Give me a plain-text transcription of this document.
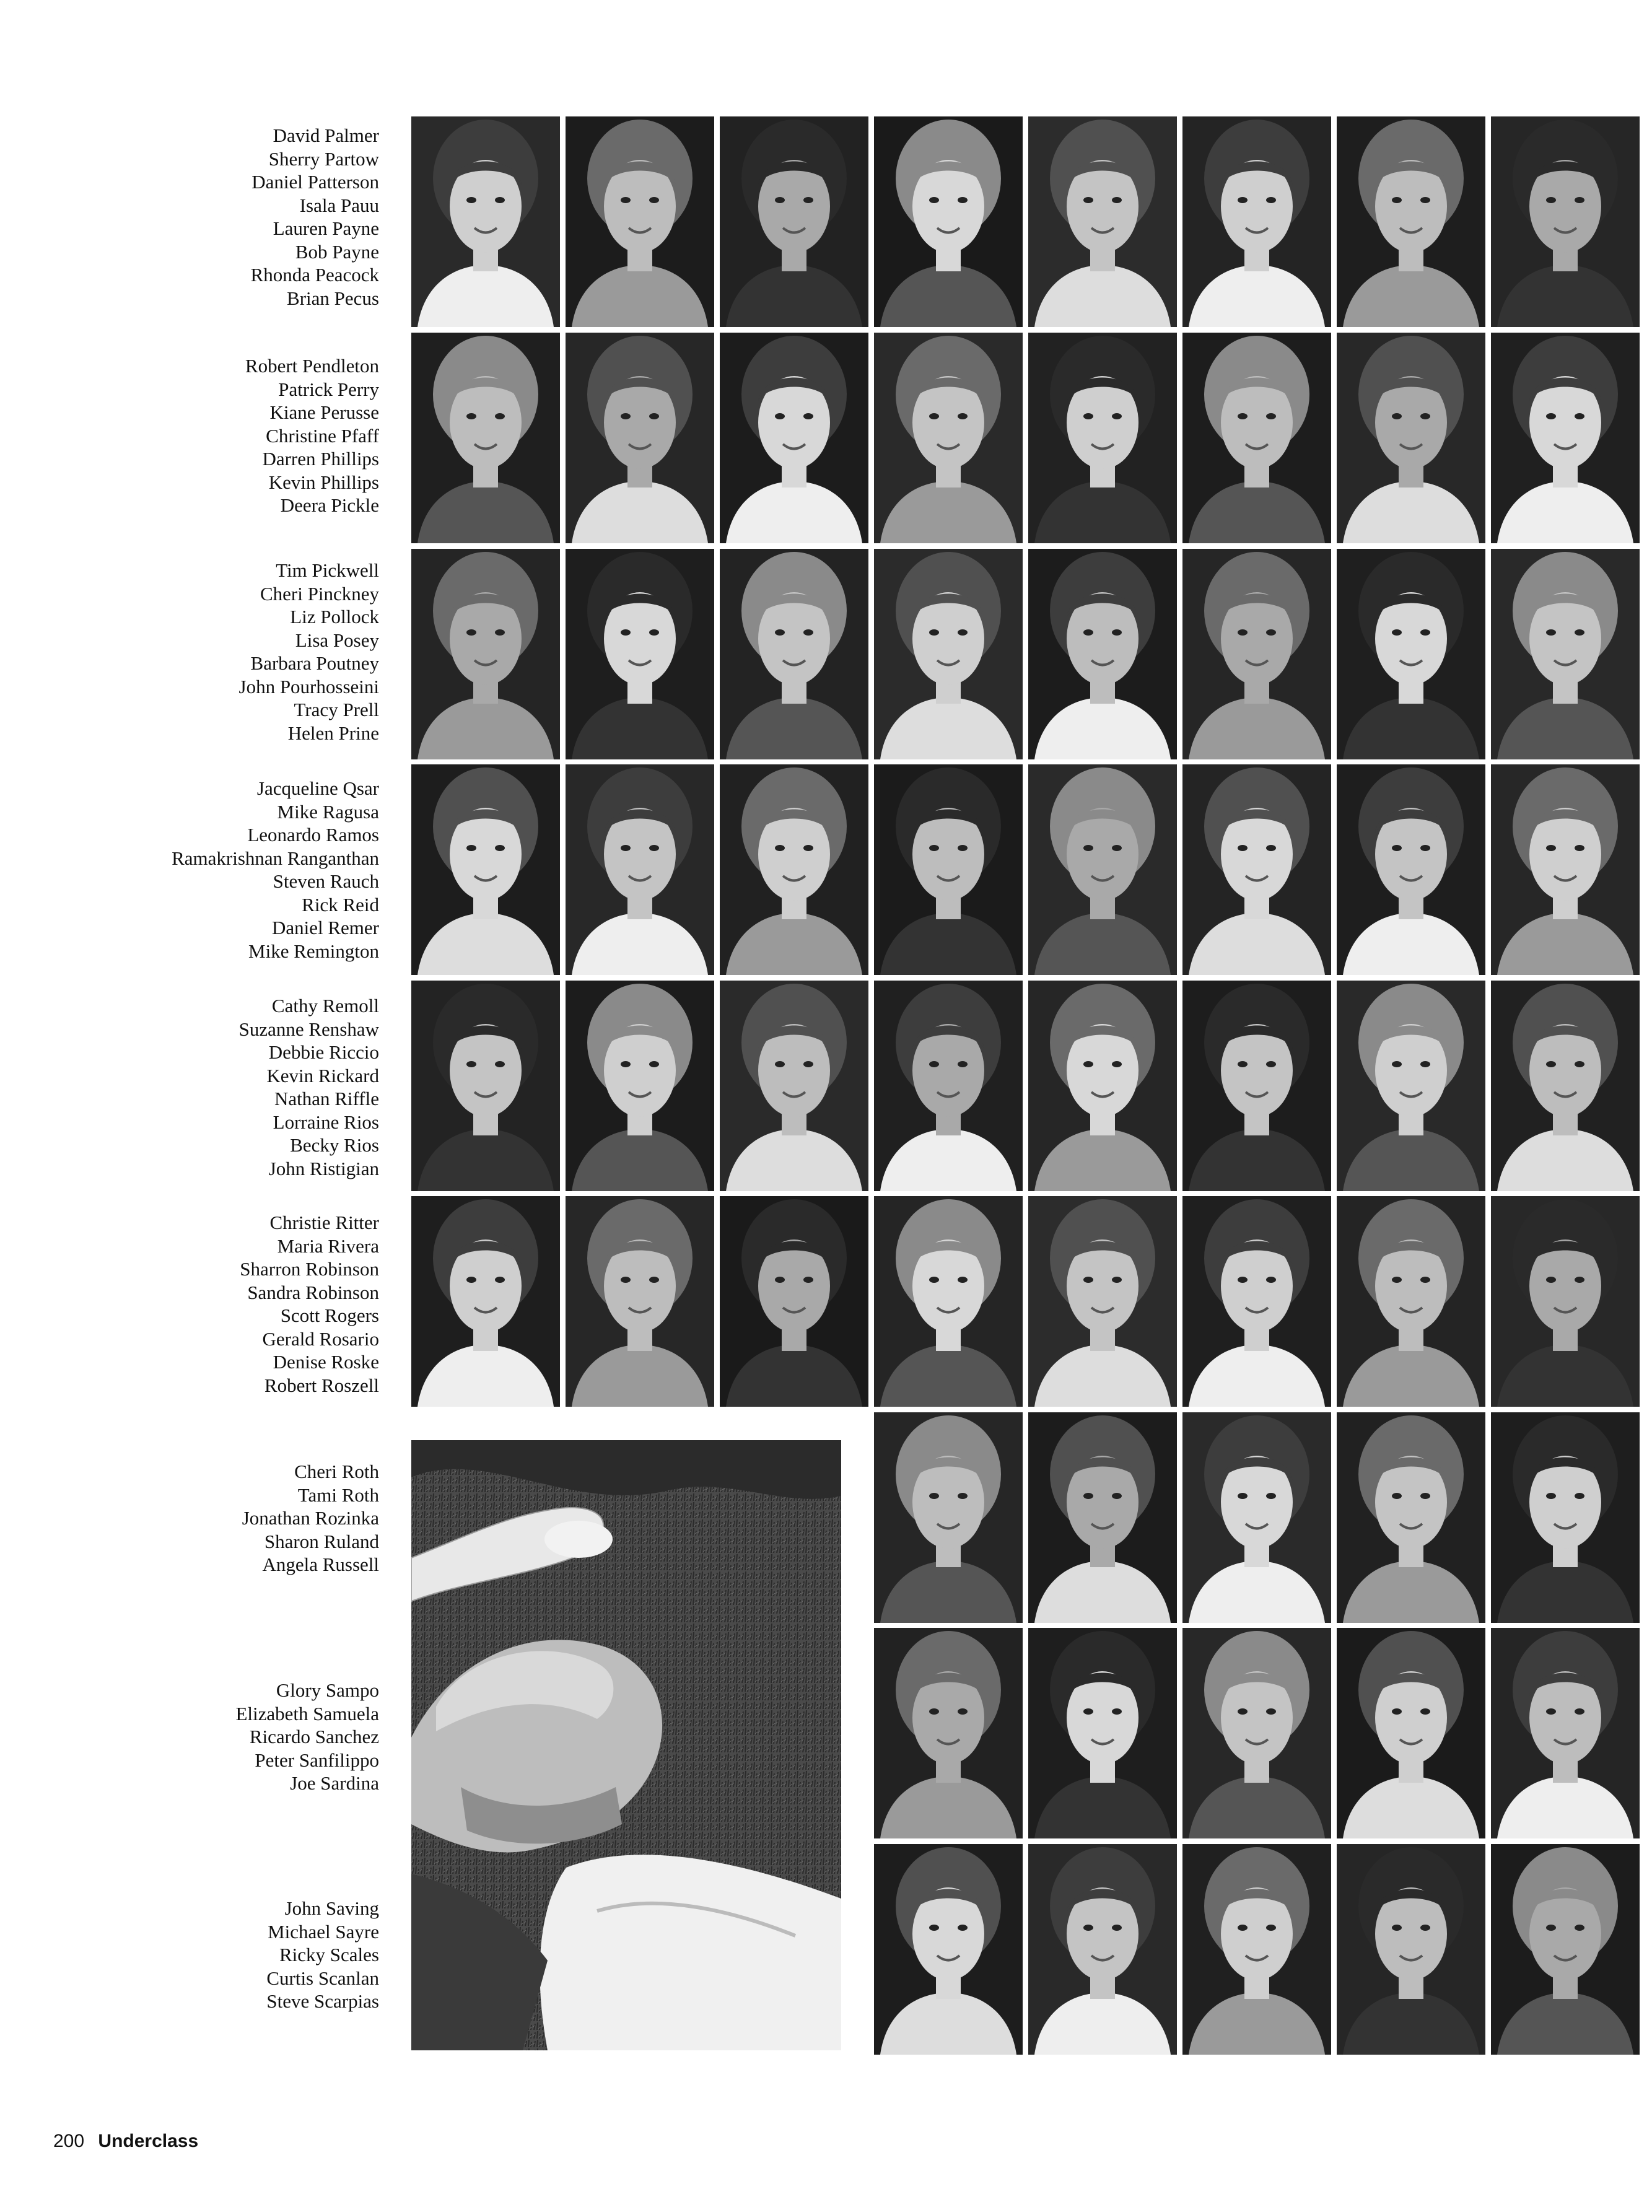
David Palmer
Sherry Partow
Daniel Patterson
Isala Pauu
Lauren Payne
Bob Payne
Rhonda Peacock
Brian Pecus
Robert Pendleton
Patrick Perry
Kiane Perusse
Christine Pfaff
Darren Phillips
Kevin Phillips
Deera Pickle
Tim Pickwell
Cheri Pinckney
Liz Pollock
Lisa Posey
Barbara Poutney
John Pourhosseini
Tracy Prell
Helen Prine
Jacqueline Qsar
Mike Ragusa
Leonardo Ramos
Ramakrishnan Ranganthan
Steven Rauch
Rick Reid
Daniel Remer
Mike Remington
Cathy Remoll
Suzanne Renshaw
Debbie Riccio
Kevin Rickard
Nathan Riffle
Lorraine Rios
Becky Rios
John Ristigian
Christie Ritter
Maria Rivera
Sharron Robinson
Sandra Robinson
Scott Rogers
Gerald Rosario
Denise Roske
Robert Roszell
Cheri Roth
Tami Roth
Jonathan Rozinka
Sharon Ruland
Angela Russell
Glory Sampo
Elizabeth Samuela
Ricardo Sanchez
Peter Sanfilippo
Joe Sardina
John Saving
Michael Sayre
Ricky Scales
Curtis Scanlan
Steve Scarpias
200 Underclass
